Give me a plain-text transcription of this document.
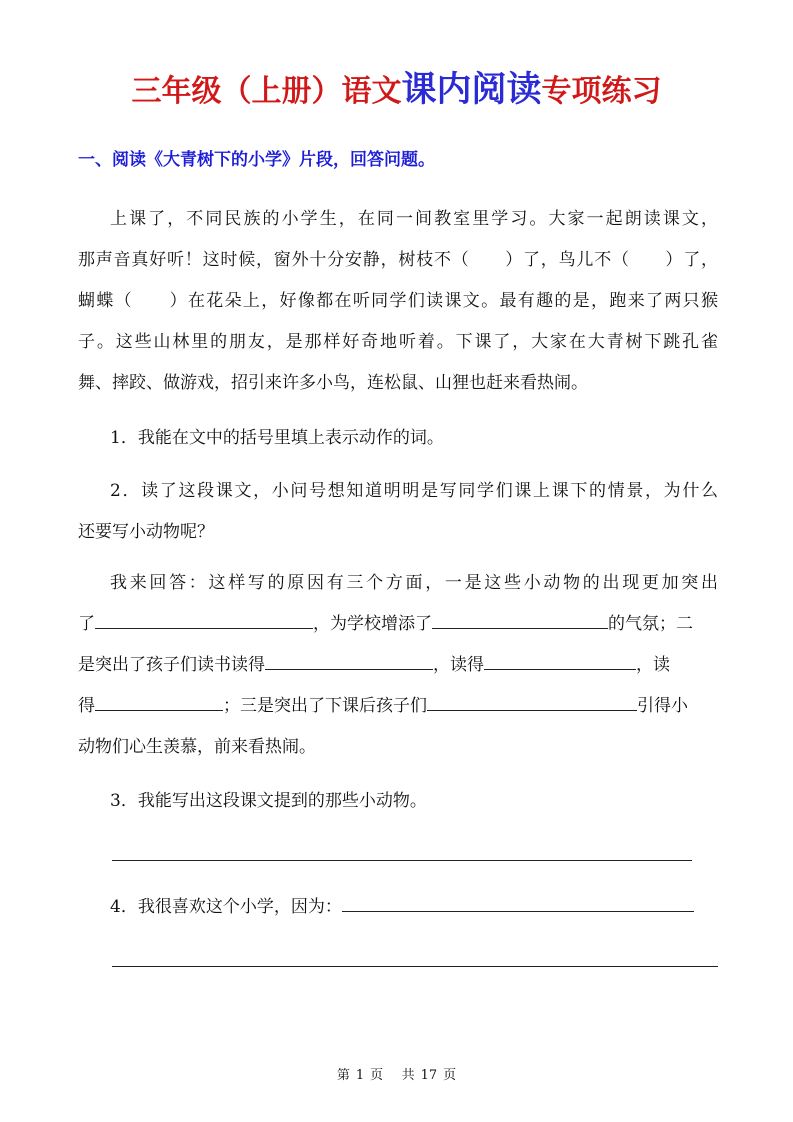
三年级（上册）语文课内阅读专项练习
一、阅读《大青树下的小学》片段，回答问题。
上课了，不同民族的小学生，在同一间教室里学习。大家一起朗读课文，
那声音真好听！这时候，窗外十分安静，树枝不（　　）了，鸟儿不（　　）了，
蝴蝶（　　）在花朵上，好像都在听同学们读课文。最有趣的是，跑来了两只猴
子。这些山林里的朋友，是那样好奇地听着。下课了，大家在大青树下跳孔雀
舞、摔跤、做游戏，招引来许多小鸟，连松鼠、山狸也赶来看热闹。
1．我能在文中的括号里填上表示动作的词。
2．读了这段课文，小问号想知道明明是写同学们课上课下的情景，为什么
还要写小动物呢？
我来回答：这样写的原因有三个方面，一是这些小动物的出现更加突出
了	，为学校增添了	的气氛；二
是突出了孩子们读书读得	，读得	，读
得	；三是突出了下课后孩子们	引得小
动物们心生羡慕，前来看热闹。
3．我能写出这段课文提到的那些小动物。
4．我很喜欢这个小学，因为：
第 1 页 共 17 页
